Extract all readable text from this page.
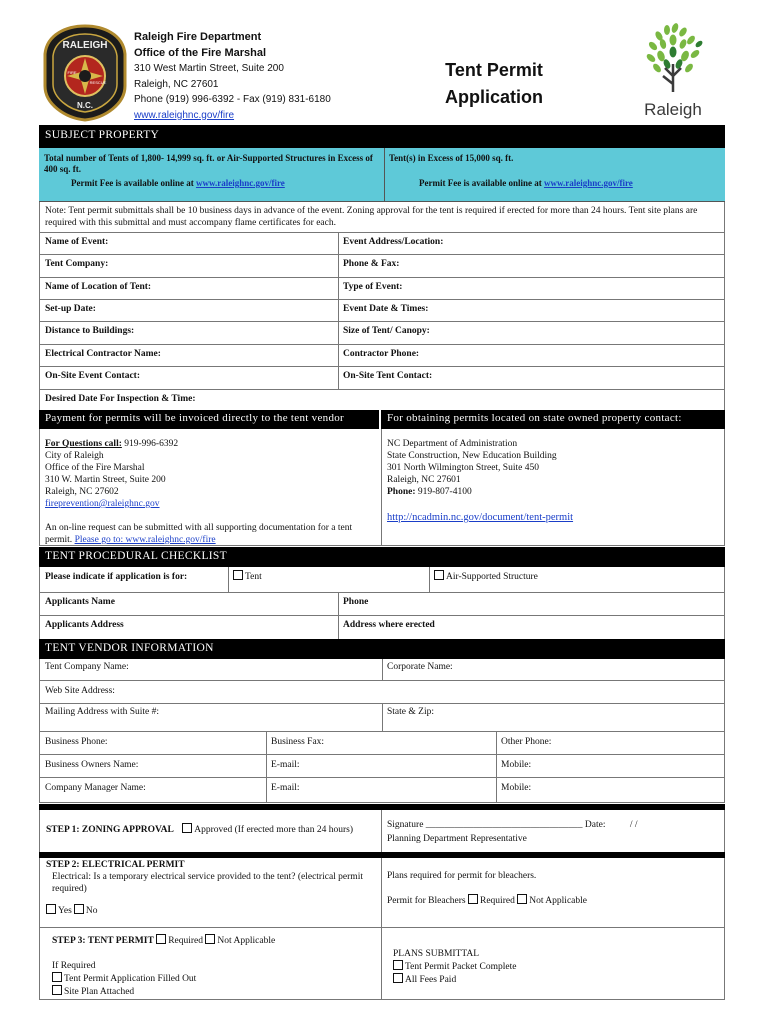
RALEIGH
N.C.
FIRE
RESCUE
Raleigh Fire Department
Office of the Fire Marshal
310 West Martin Street, Suite 200
Raleigh, NC 27601
Phone (919) 996-6392 - Fax (919) 831-6180
www.raleighnc.gov/fire
Tent Permit
Application
Raleigh
SUBJECT PROPERTY
Total number of Tents of 1,800- 14,999 sq. ft. or Air-Supported Structures in Excess of 400 sq. ft.
Permit Fee is available online at www.raleighnc.gov/fire
Tent(s) in Excess of 15,000 sq. ft.
Permit Fee is available online at www.raleighnc.gov/fire
Note: Tent permit submittals shall be 10 business days in advance of the event. Zoning approval for the tent is required if erected for more than 24 hours. Tent site plans are required with this submittal and must accompany flame certificates for each.
Name of Event:	Event Address/Location:
Tent Company:	Phone & Fax:
Name of Location of Tent:	Type of Event:
Set-up Date:	Event Date & Times:
Distance to Buildings:	Size of Tent/ Canopy:
Electrical Contractor Name:	Contractor Phone:
On-Site Event Contact:	On-Site Tent Contact:
Desired Date For Inspection & Time:
Payment for permits will be invoiced directly to the tent vendor	For obtaining permits located on state owned property contact:
For Questions call: 919-996-6392
City of Raleigh
Office of the Fire Marshal
310 W. Martin Street, Suite 200
Raleigh, NC 27602
fireprevention@raleighnc.gov
An on-line request can be submitted with all supporting documentation for a tent permit. Please go to: www.raleighnc.gov/fire
NC Department of Administration
State Construction, New Education Building
301 North Wilmington Street, Suite 450
Raleigh, NC 27601
Phone: 919-807-4100
http://ncadmin.nc.gov/document/tent-permit
TENT PROCEDURAL CHECKLIST
Please indicate if application is for:	Tent	Air-Supported Structure
Applicants Name	Phone
Applicants Address	Address where erected
TENT VENDOR INFORMATION
Tent Company Name:	Corporate Name:
Web Site Address:
Mailing Address with Suite #:	State & Zip:
Business Phone:	Business Fax:	Other Phone:
Business Owners Name:	E-mail:	Mobile:
Company Manager Name:	E-mail:	Mobile:
STEP 1: ZONING APPROVAL Approved (If erected more than 24 hours)	Signature _________________________________ Date:	/ /
Planning Department Representative
STEP 2: ELECTRICAL PERMIT
Electrical: Is a temporary electrical service provided to the tent? (electrical permit required)
Yes No
Plans required for permit for bleachers.
Permit for Bleachers Required Not Applicable
STEP 3: TENT PERMIT Required Not Applicable
If Required
Tent Permit Application Filled Out
Site Plan Attached
PLANS SUBMITTAL
Tent Permit Packet Complete
All Fees Paid
